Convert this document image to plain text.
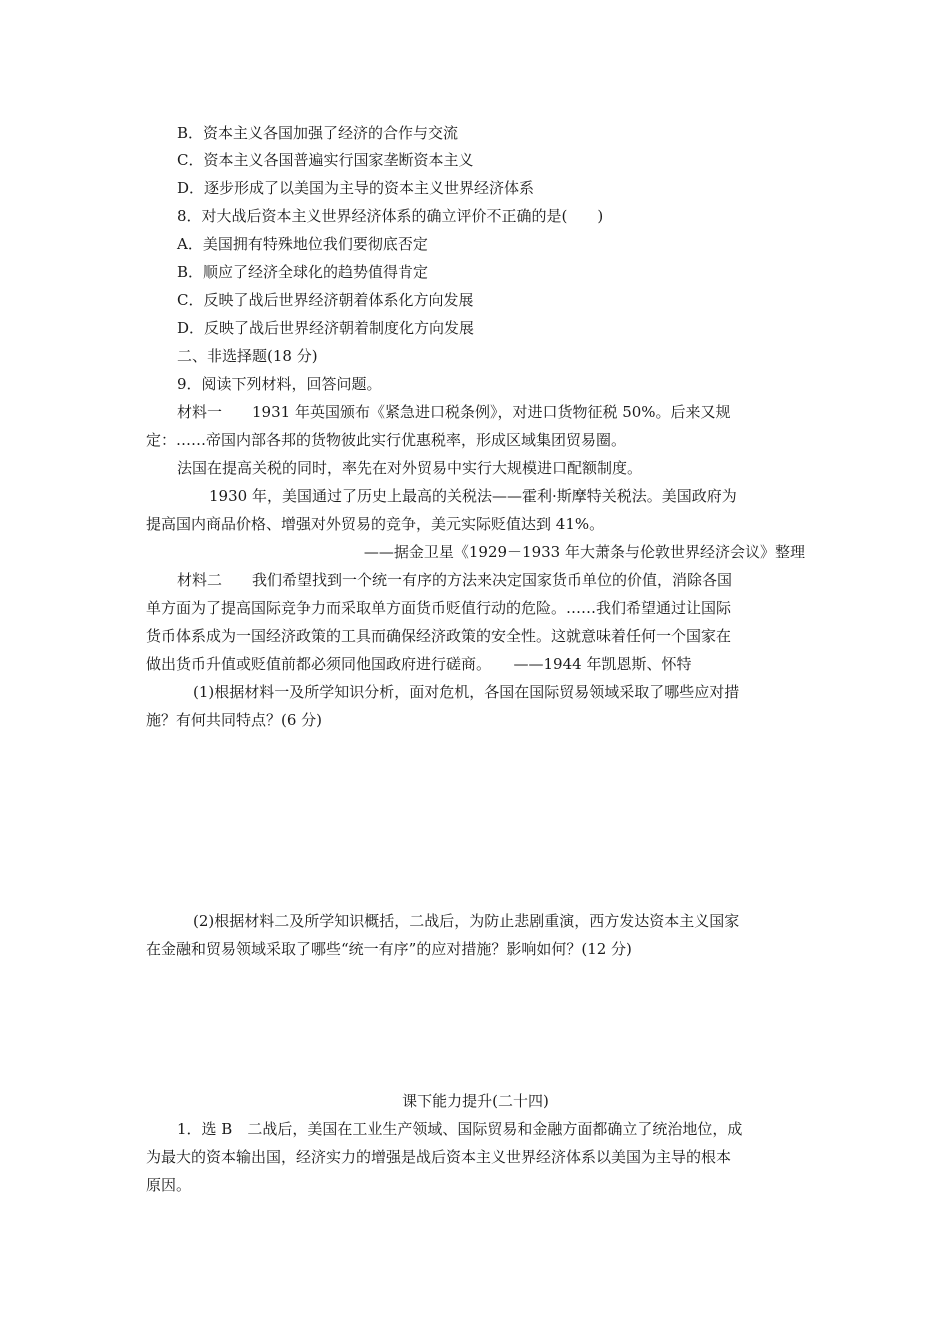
B．资本主义各国加强了经济的合作与交流
C．资本主义各国普遍实行国家垄断资本主义
D．逐步形成了以美国为主导的资本主义世界经济体系
8．对大战后资本主义世界经济体系的确立评价不正确的是(　　)
A．美国拥有特殊地位我们要彻底否定
B．顺应了经济全球化的趋势值得肯定
C．反映了战后世界经济朝着体系化方向发展
D．反映了战后世界经济朝着制度化方向发展
二、非选择题(18 分)
9．阅读下列材料，回答问题。
材料一　　1931 年英国颁布《紧急进口税条例》，对进口货物征税 50%。后来又规
定：……帝国内部各邦的货物彼此实行优惠税率，形成区域集团贸易圈。
法国在提高关税的同时，率先在对外贸易中实行大规模进口配额制度。
1930 年，美国通过了历史上最高的关税法——霍利·斯摩特关税法。美国政府为
提高国内商品价格、增强对外贸易的竞争，美元实际贬值达到 41%。
——据金卫星《1929－1933 年大萧条与伦敦世界经济会议》整理
材料二　　我们希望找到一个统一有序的方法来决定国家货币单位的价值，消除各国
单方面为了提高国际竞争力而采取单方面货币贬值行动的危险。……我们希望通过让国际
货币体系成为一国经济政策的工具而确保经济政策的安全性。这就意味着任何一个国家在
做出货币升值或贬值前都必须同他国政府进行磋商。　　——1944 年凯恩斯、怀特
(1)根据材料一及所学知识分析，面对危机，各国在国际贸易领域采取了哪些应对措
施？有何共同特点？(6 分)
(2)根据材料二及所学知识概括，二战后，为防止悲剧重演，西方发达资本主义国家
在金融和贸易领域采取了哪些“统一有序”的应对措施？影响如何？(12 分)
课下能力提升(二十四)
1．选 B　二战后，美国在工业生产领域、国际贸易和金融方面都确立了统治地位，成
为最大的资本输出国，经济实力的增强是战后资本主义世界经济体系以美国为主导的根本
原因。
